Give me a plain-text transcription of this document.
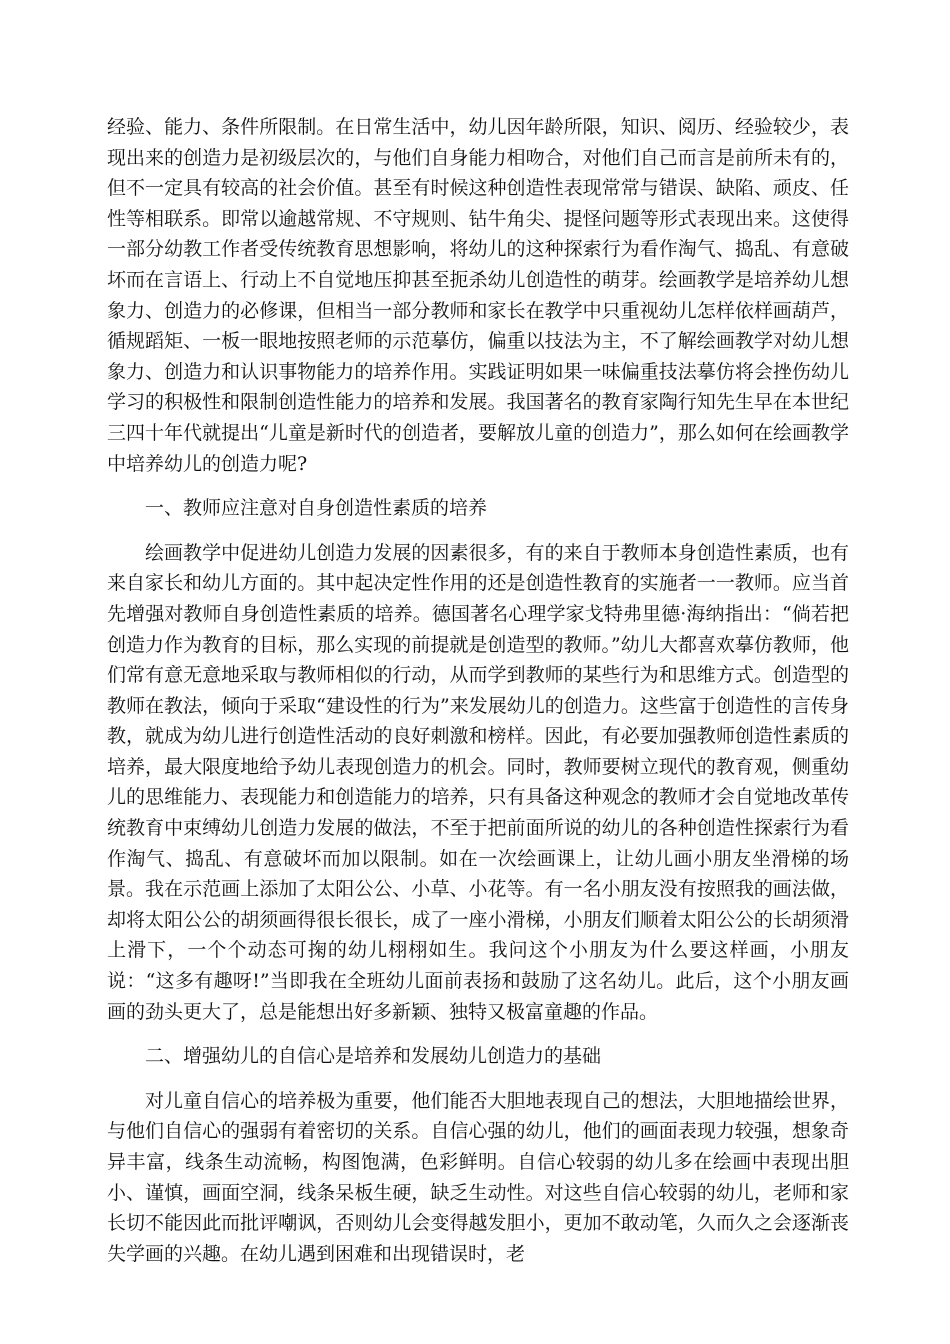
经验、能力、条件所限制。在日常生活中，幼儿因年龄所限，知识、阅历、经验较少，表现出来的创造力是初级层次的，与他们自身能力相吻合，对他们自己而言是前所未有的，但不一定具有较高的社会价值。甚至有时候这种创造性表现常常与错误、缺陷、顽皮、任性等相联系。即常以逾越常规、不守规则、钻牛角尖、提怪问题等形式表现出来。这使得一部分幼教工作者受传统教育思想影响，将幼儿的这种探索行为看作淘气、捣乱、有意破坏而在言语上、行动上不自觉地压抑甚至扼杀幼儿创造性的萌芽。绘画教学是培养幼儿想象力、创造力的必修课，但相当一部分教师和家长在教学中只重视幼儿怎样依样画葫芦，循规蹈矩、一板一眼地按照老师的示范摹仿，偏重以技法为主，不了解绘画教学对幼儿想象力、创造力和认识事物能力的培养作用。实践证明如果一味偏重技法摹仿将会挫伤幼儿学习的积极性和限制创造性能力的培养和发展。我国著名的教育家陶行知先生早在本世纪三四十年代就提出“儿童是新时代的创造者，要解放儿童的创造力”，那么如何在绘画教学中培养幼儿的创造力呢?

一、教师应注意对自身创造性素质的培养

绘画教学中促进幼儿创造力发展的因素很多，有的来自于教师本身创造性素质，也有来自家长和幼儿方面的。其中起决定性作用的还是创造性教育的实施者一一教师。应当首先增强对教师自身创造性素质的培养。德国著名心理学家戈特弗里德·海纳指出：“倘若把创造力作为教育的目标，那么实现的前提就是创造型的教师。”幼儿大都喜欢摹仿教师，他们常有意无意地采取与教师相似的行动，从而学到教师的某些行为和思维方式。创造型的教师在教法，倾向于采取“建设性的行为”来发展幼儿的创造力。这些富于创造性的言传身教，就成为幼儿进行创造性活动的良好刺激和榜样。因此，有必要加强教师创造性素质的培养，最大限度地给予幼儿表现创造力的机会。同时，教师要树立现代的教育观，侧重幼儿的思维能力、表现能力和创造能力的培养，只有具备这种观念的教师才会自觉地改革传统教育中束缚幼儿创造力发展的做法，不至于把前面所说的幼儿的各种创造性探索行为看作淘气、捣乱、有意破坏而加以限制。如在一次绘画课上，让幼儿画小朋友坐滑梯的场景。我在示范画上添加了太阳公公、小草、小花等。有一名小朋友没有按照我的画法做，却将太阳公公的胡须画得很长很长，成了一座小滑梯，小朋友们顺着太阳公公的长胡须滑上滑下，一个个动态可掬的幼儿栩栩如生。我问这个小朋友为什么要这样画，小朋友说：“这多有趣呀!”当即我在全班幼儿面前表扬和鼓励了这名幼儿。此后，这个小朋友画画的劲头更大了，总是能想出好多新颖、独特又极富童趣的作品。

二、增强幼儿的自信心是培养和发展幼儿创造力的基础

对儿童自信心的培养极为重要，他们能否大胆地表现自己的想法，大胆地描绘世界，与他们自信心的强弱有着密切的关系。自信心强的幼儿，他们的画面表现力较强，想象奇异丰富，线条生动流畅，构图饱满，色彩鲜明。自信心较弱的幼儿多在绘画中表现出胆小、谨慎，画面空洞，线条呆板生硬，缺乏生动性。对这些自信心较弱的幼儿，老师和家长切不能因此而批评嘲讽，否则幼儿会变得越发胆小，更加不敢动笔，久而久之会逐渐丧失学画的兴趣。在幼儿遇到困难和出现错误时，老
